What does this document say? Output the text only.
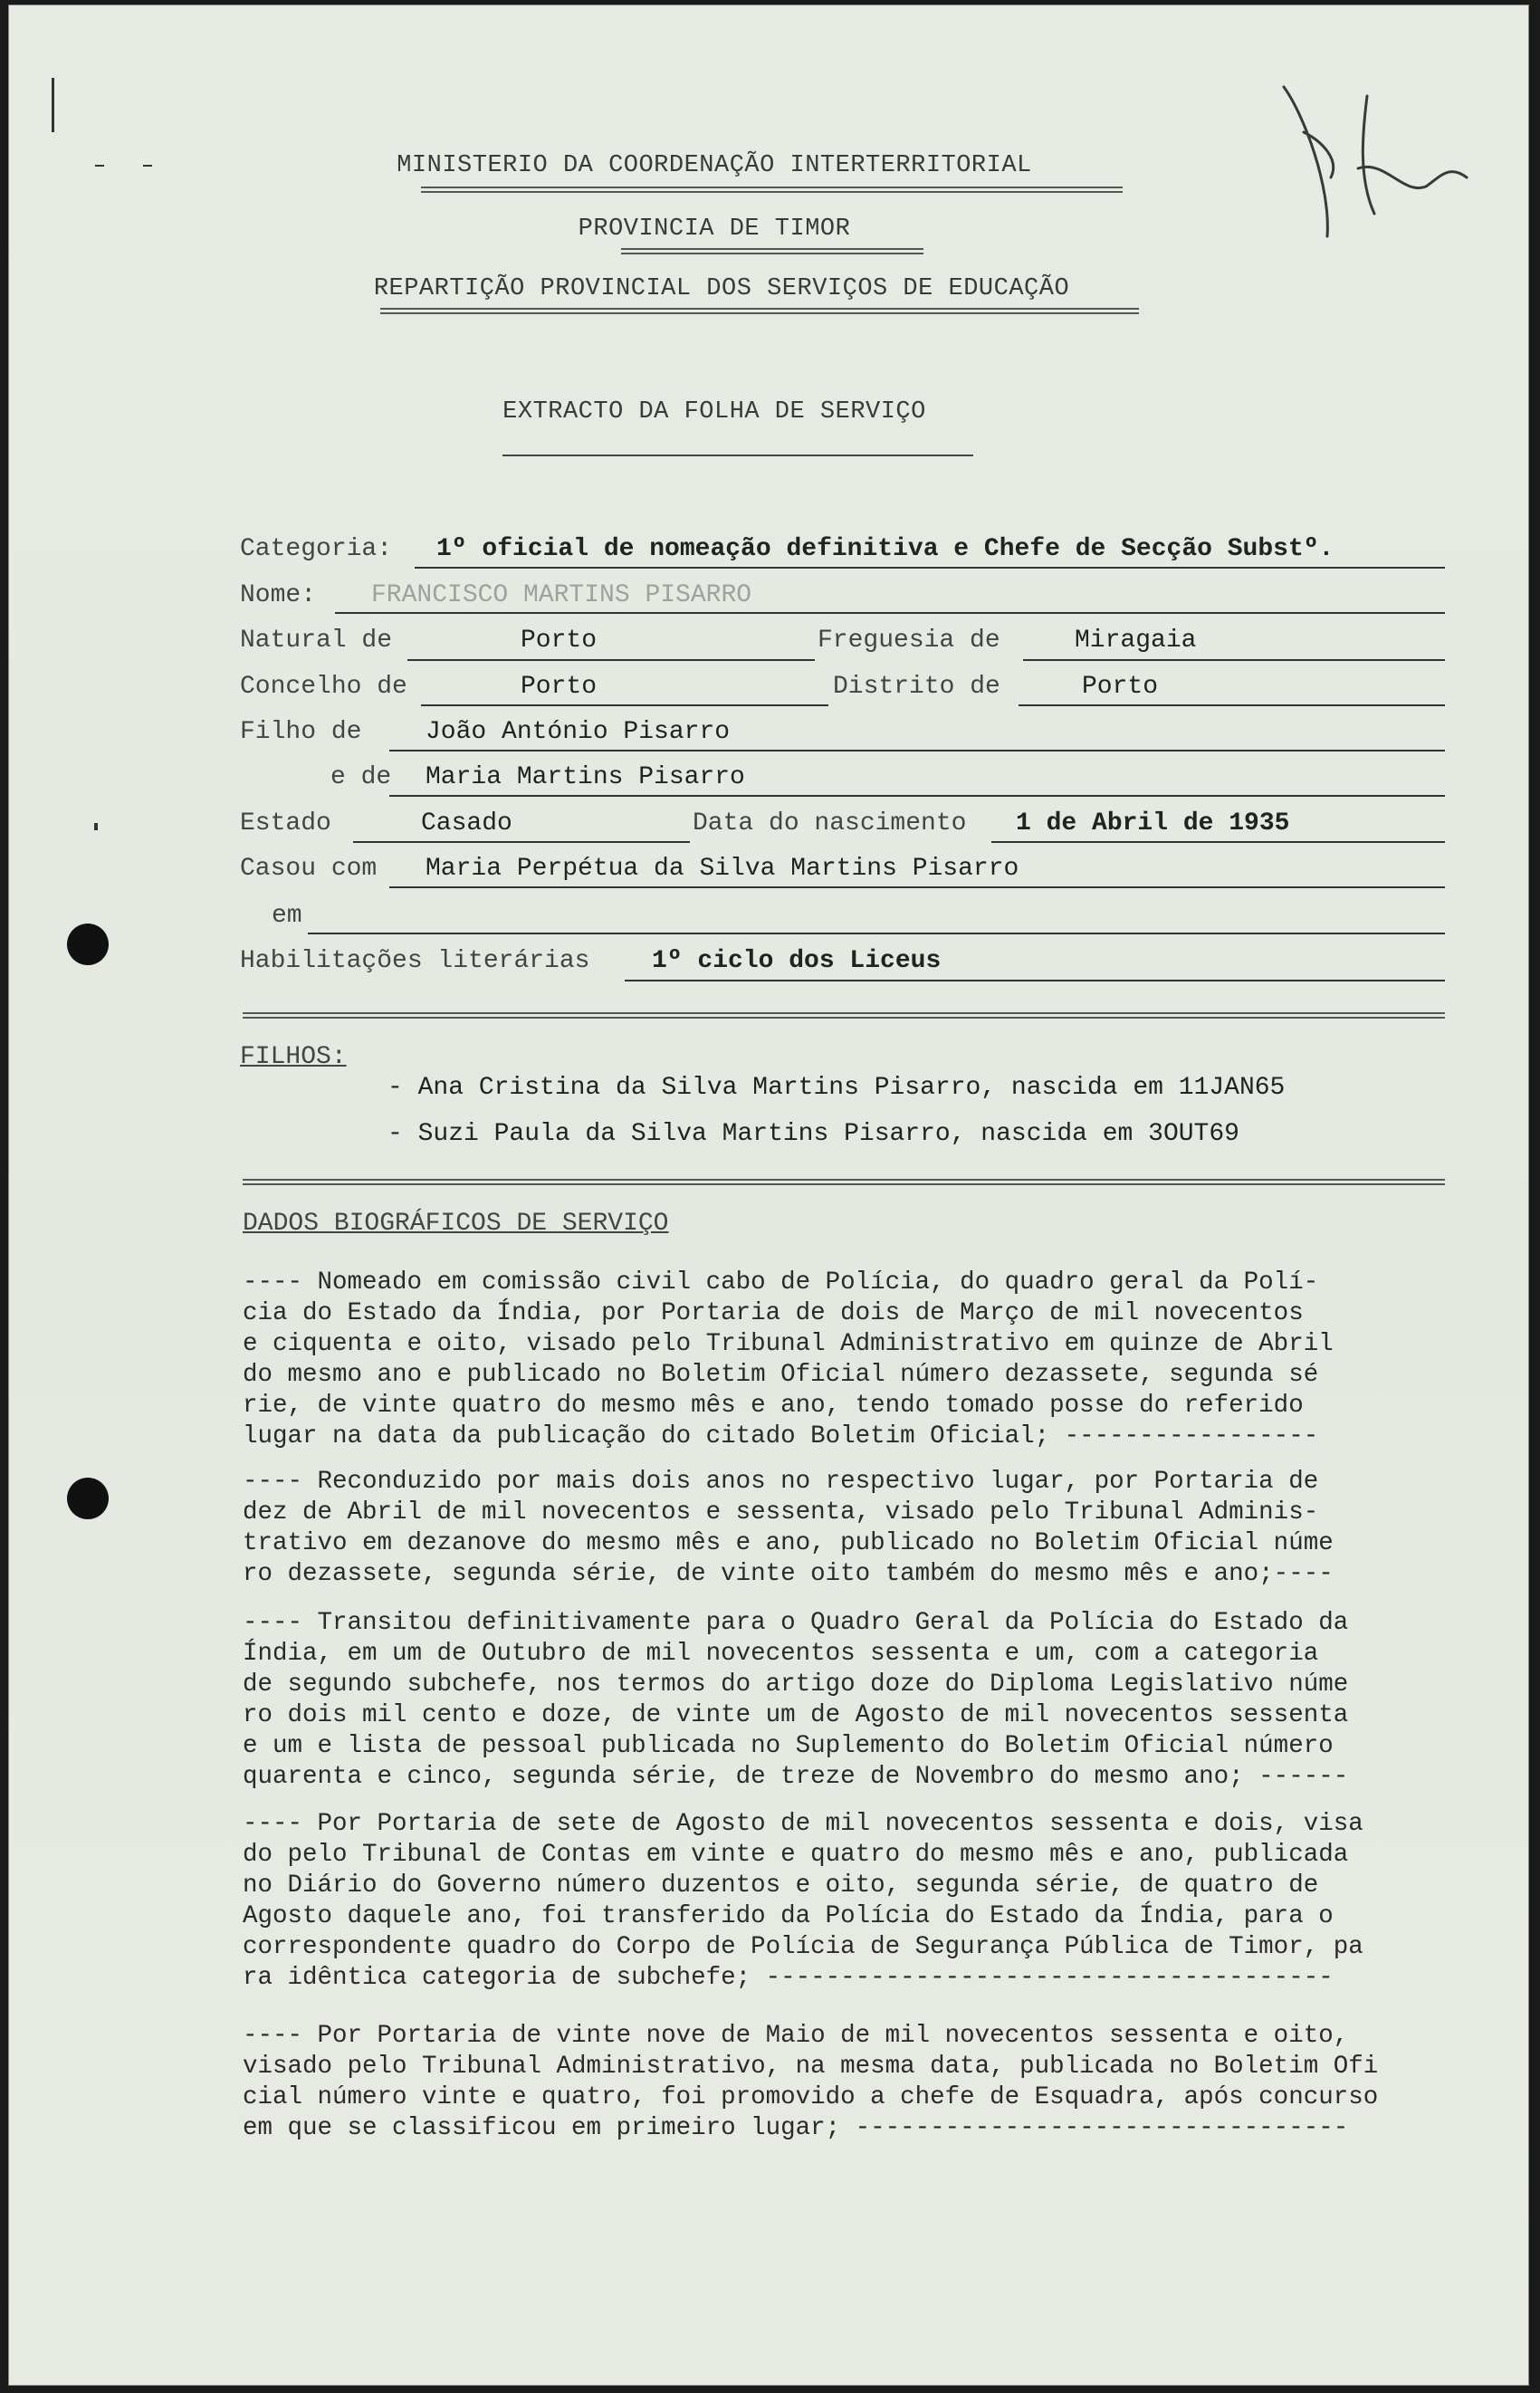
MINISTERIO DA COORDENAÇÃO INTERTERRITORIAL
PROVINCIA DE TIMOR
REPARTIÇÃO PROVINCIAL DOS SERVIÇOS DE EDUCAÇÃO
EXTRACTO DA FOLHA DE SERVIÇO
Categoria: 1º oficial de nomeação definitiva e Chefe de Secção Substº.
Nome: FRANCISCO MARTINS PISARRO
Natural de	Porto	Freguesia de	Miragaia
Concelho de	Porto	Distrito de	Porto
Filho de	João António Pisarro
e de Maria Martins Pisarro
Estado	Casado	Data do nascimento 1 de Abril de 1935
Casou com Maria Perpétua da Silva Martins Pisarro
em
Habilitações literárias 1º ciclo dos Liceus
FILHOS:
- Ana Cristina da Silva Martins Pisarro, nascida em 11JAN65
- Suzi Paula da Silva Martins Pisarro, nascida em 3OUT69
DADOS BIOGRÁFICOS DE SERVIÇO
---- Nomeado em comissão civil cabo de Polícia, do quadro geral da Polí-
cia do Estado da Índia, por Portaria de dois de Março de mil novecentos
e ciquenta e oito, visado pelo Tribunal Administrativo em quinze de Abril
do mesmo ano e publicado no Boletim Oficial número dezassete, segunda sé
rie, de vinte quatro do mesmo mês e ano, tendo tomado posse do referido
lugar na data da publicação do citado Boletim Oficial; -----------------
---- Reconduzido por mais dois anos no respectivo lugar, por Portaria de
dez de Abril de mil novecentos e sessenta, visado pelo Tribunal Adminis-
trativo em dezanove do mesmo mês e ano, publicado no Boletim Oficial núme
ro dezassete, segunda série, de vinte oito também do mesmo mês e ano;----
---- Transitou definitivamente para o Quadro Geral da Polícia do Estado da
Índia, em um de Outubro de mil novecentos sessenta e um, com a categoria
de segundo subchefe, nos termos do artigo doze do Diploma Legislativo núme
ro dois mil cento e doze, de vinte um de Agosto de mil novecentos sessenta
e um e lista de pessoal publicada no Suplemento do Boletim Oficial número
quarenta e cinco, segunda série, de treze de Novembro do mesmo ano; ------
---- Por Portaria de sete de Agosto de mil novecentos sessenta e dois, visa
do pelo Tribunal de Contas em vinte e quatro do mesmo mês e ano, publicada
no Diário do Governo número duzentos e oito, segunda série, de quatro de
Agosto daquele ano, foi transferido da Polícia do Estado da Índia, para o
correspondente quadro do Corpo de Polícia de Segurança Pública de Timor, pa
ra idêntica categoria de subchefe; --------------------------------------
---- Por Portaria de vinte nove de Maio de mil novecentos sessenta e oito,
visado pelo Tribunal Administrativo, na mesma data, publicada no Boletim Ofi
cial número vinte e quatro, foi promovido a chefe de Esquadra, após concurso
em que se classificou em primeiro lugar; ---------------------------------
